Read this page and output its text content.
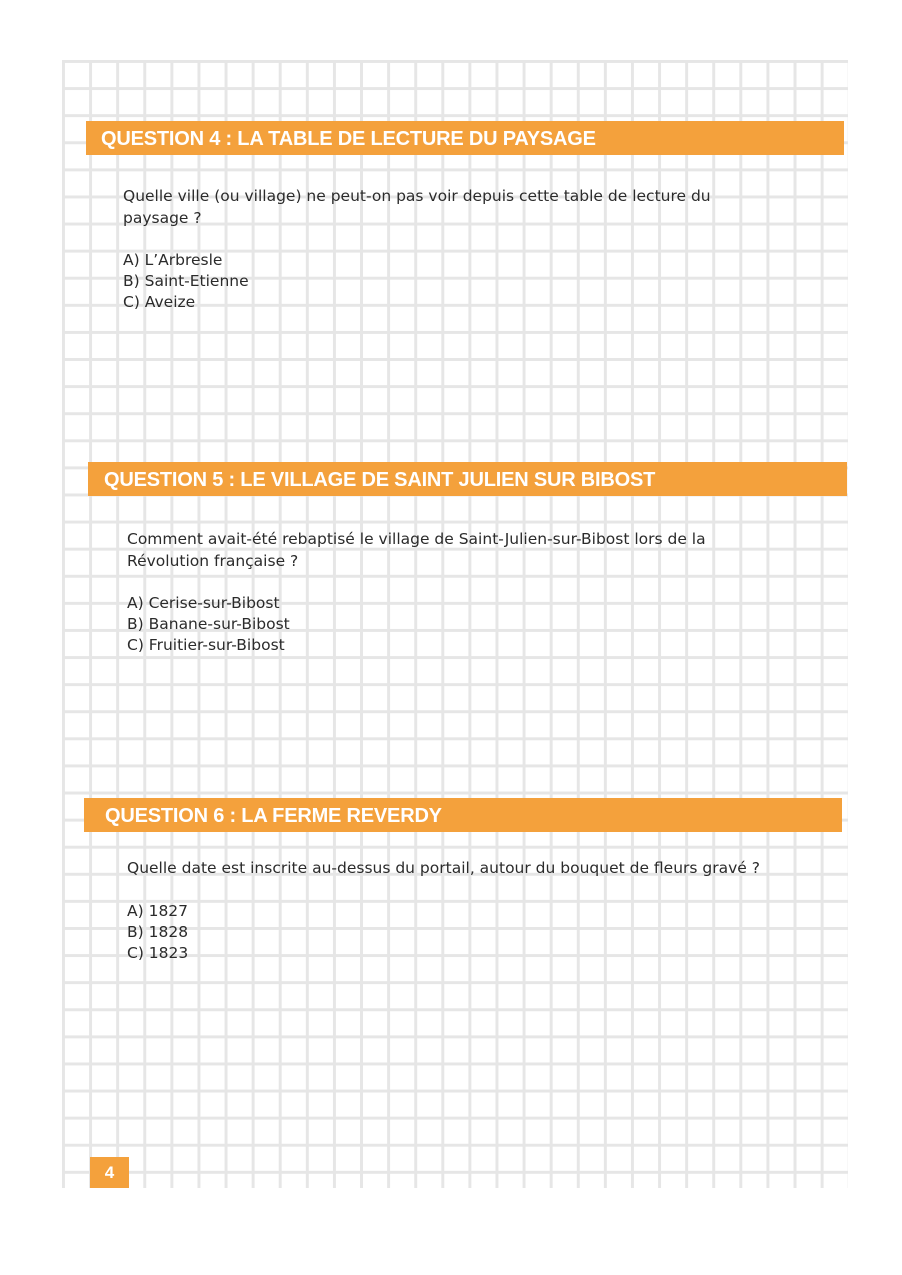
QUESTION 4 : LA TABLE DE LECTURE DU PAYSAGE

Quelle ville (ou village) ne peut-on pas voir depuis cette table de lecture du paysage ?

A) L’Arbresle
B) Saint-Etienne
C) Aveize
QUESTION 5 : LE VILLAGE DE SAINT JULIEN SUR BIBOST

Comment avait-été rebaptisé le village de Saint-Julien-sur-Bibost lors de la Révolution française ?

A) Cerise-sur-Bibost
B) Banane-sur-Bibost
C) Fruitier-sur-Bibost
QUESTION 6 : LA FERME REVERDY

Quelle date est inscrite au-dessus du portail, autour du bouquet de fleurs gravé ?

A) 1827
B) 1828
C) 1823
4
